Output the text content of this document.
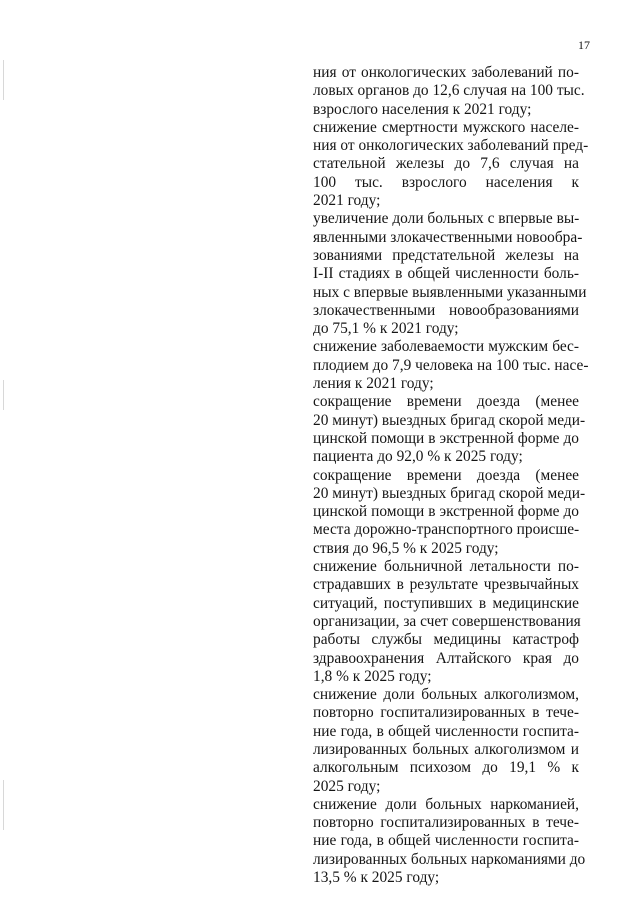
17

ния от онкологических заболеваний по-
ловых органов до 12,6 случая на 100 тыс.
взрослого населения к 2021 году;

снижение смертности мужского населе-
ния от онкологических заболеваний пред-
стательной железы до 7,6 случая на
100 тыс. взрослого населения к
2021 году;

увеличение доли больных с впервые вы-
явленными злокачественными новообра-
зованиями предстательной железы на
I-II стадиях в общей численности боль-
ных с впервые выявленными указанными
злокачественными новообразованиями
до 75,1 % к 2021 году;

снижение заболеваемости мужским бес-
плодием до 7,9 человека на 100 тыс. насе-
ления к 2021 году;

сокращение времени доезда (менее
20 минут) выездных бригад скорой меди-
цинской помощи в экстренной форме до
пациента до 92,0 % к 2025 году;

сокращение времени доезда (менее
20 минут) выездных бригад скорой меди-
цинской помощи в экстренной форме до
места дорожно-транспортного происше-
ствия до 96,5 % к 2025 году;

снижение больничной летальности по-
страдавших в результате чрезвычайных
ситуаций, поступивших в медицинские
организации, за счет совершенствования
работы службы медицины катастроф
здравоохранения Алтайского края до
1,8 % к 2025 году;

снижение доли больных алкоголизмом,
повторно госпитализированных в тече-
ние года, в общей численности госпита-
лизированных больных алкоголизмом и
алкогольным психозом до 19,1 % к
2025 году;

снижение доли больных наркоманией,
повторно госпитализированных в тече-
ние года, в общей численности госпита-
лизированных больных наркоманиями до
13,5 % к 2025 году;
